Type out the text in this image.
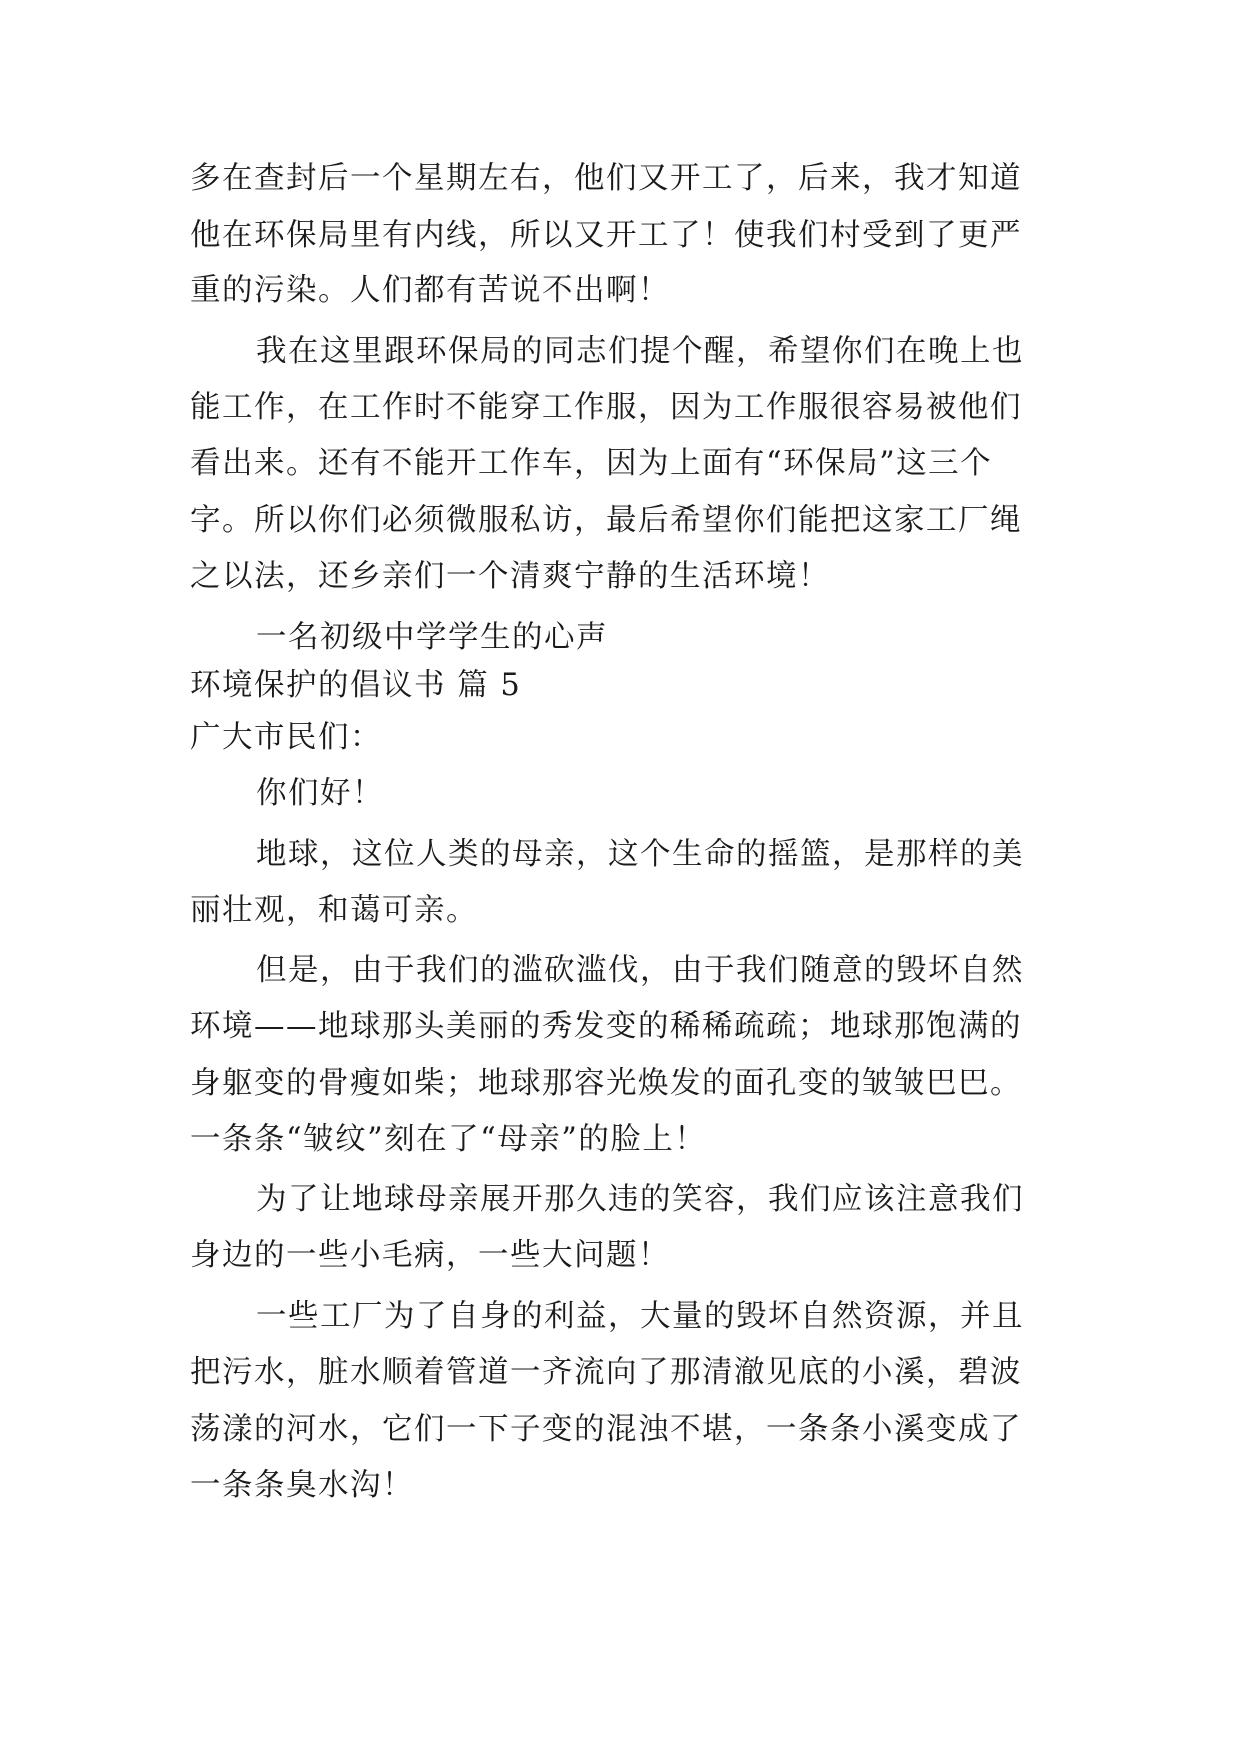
多在查封后一个星期左右，他们又开工了，后来，我才知道
他在环保局里有内线，所以又开工了！使我们村受到了更严
重的污染。人们都有苦说不出啊！
我在这里跟环保局的同志们提个醒，希望你们在晚上也
能工作，在工作时不能穿工作服，因为工作服很容易被他们
看出来。还有不能开工作车，因为上面有“环保局”这三个
字。所以你们必须微服私访，最后希望你们能把这家工厂绳
之以法，还乡亲们一个清爽宁静的生活环境！
一名初级中学学生的心声
环境保护的倡议书 篇 5
广大市民们：
你们好！
地球，这位人类的母亲，这个生命的摇篮，是那样的美
丽壮观，和蔼可亲。
但是，由于我们的滥砍滥伐，由于我们随意的毁坏自然
环境——地球那头美丽的秀发变的稀稀疏疏；地球那饱满的
身躯变的骨瘦如柴；地球那容光焕发的面孔变的皱皱巴巴。
一条条“皱纹”刻在了“母亲”的脸上！
为了让地球母亲展开那久违的笑容，我们应该注意我们
身边的一些小毛病，一些大问题！
一些工厂为了自身的利益，大量的毁坏自然资源，并且
把污水，脏水顺着管道一齐流向了那清澈见底的小溪，碧波
荡漾的河水，它们一下子变的混浊不堪，一条条小溪变成了
一条条臭水沟！
